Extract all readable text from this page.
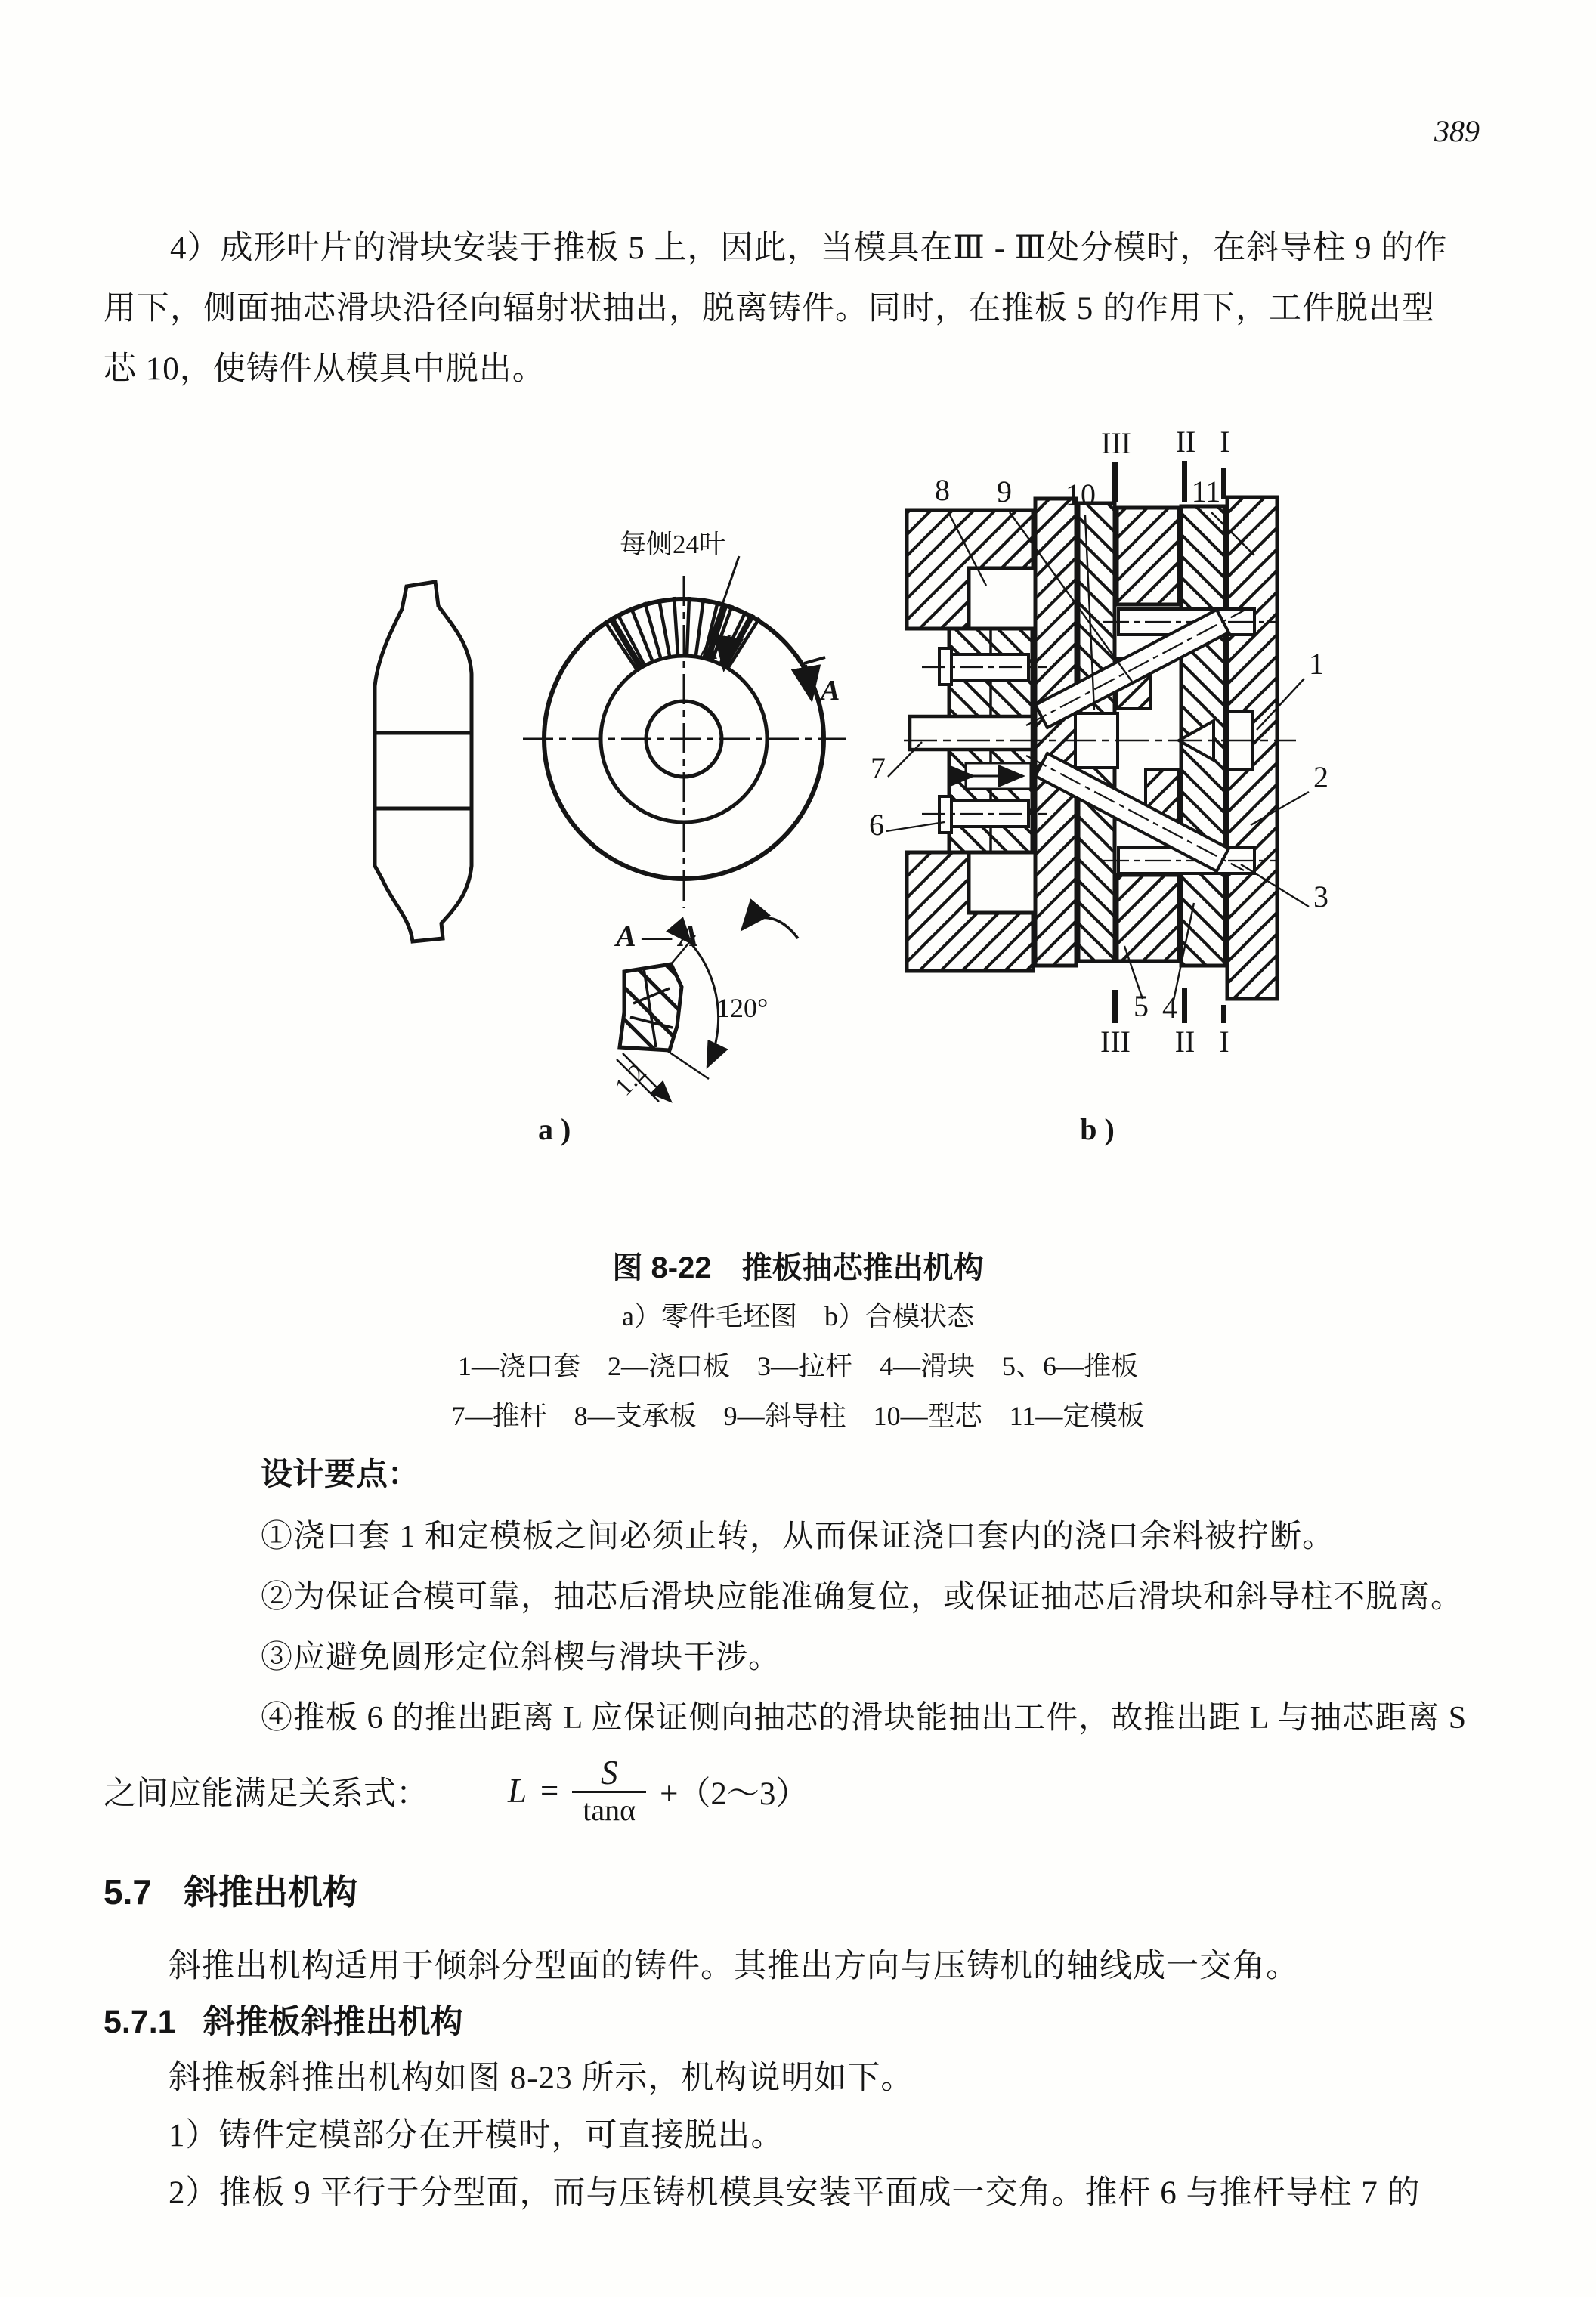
389
4）成形叶片的滑块安装于推板 5 上，因此，当模具在Ⅲ - Ⅲ处分模时，在斜导柱 9 的作
用下，侧面抽芯滑块沿径向辐射状抽出，脱离铸件。同时，在推板 5 的作用下，工件脱出型
芯 10，使铸件从模具中脱出。
每侧24叶
A
A
A — A
120°
1.2
a )
III II I
III II I
8 9 10	11
1
2
3
7
6
5 4
b )
图 8-22　推板抽芯推出机构
a）零件毛坯图　b）合模状态
1—浇口套　2—浇口板　3—拉杆　4—滑块　5、6—推板
7—推杆　8—支承板　9—斜导柱　10—型芯　11—定模板
设计要点：
①浇口套 1 和定模板之间必须止转，从而保证浇口套内的浇口余料被拧断。
②为保证合模可靠，抽芯后滑块应能准确复位，或保证抽芯后滑块和斜导柱不脱离。
③应避免圆形定位斜楔与滑块干涉。
④推板 6 的推出距离 L 应保证侧向抽芯的滑块能抽出工件，故推出距 L 与抽芯距离 S
之间应能满足关系式： $L = \frac{S}{\tan\alpha}$ +（2～3）
5.7 斜推出机构
斜推出机构适用于倾斜分型面的铸件。其推出方向与压铸机的轴线成一交角。
5.7.1 斜推板斜推出机构
斜推板斜推出机构如图 8-23 所示，机构说明如下。
1）铸件定模部分在开模时，可直接脱出。
2）推板 9 平行于分型面，而与压铸机模具安装平面成一交角。推杆 6 与推杆导柱 7 的
